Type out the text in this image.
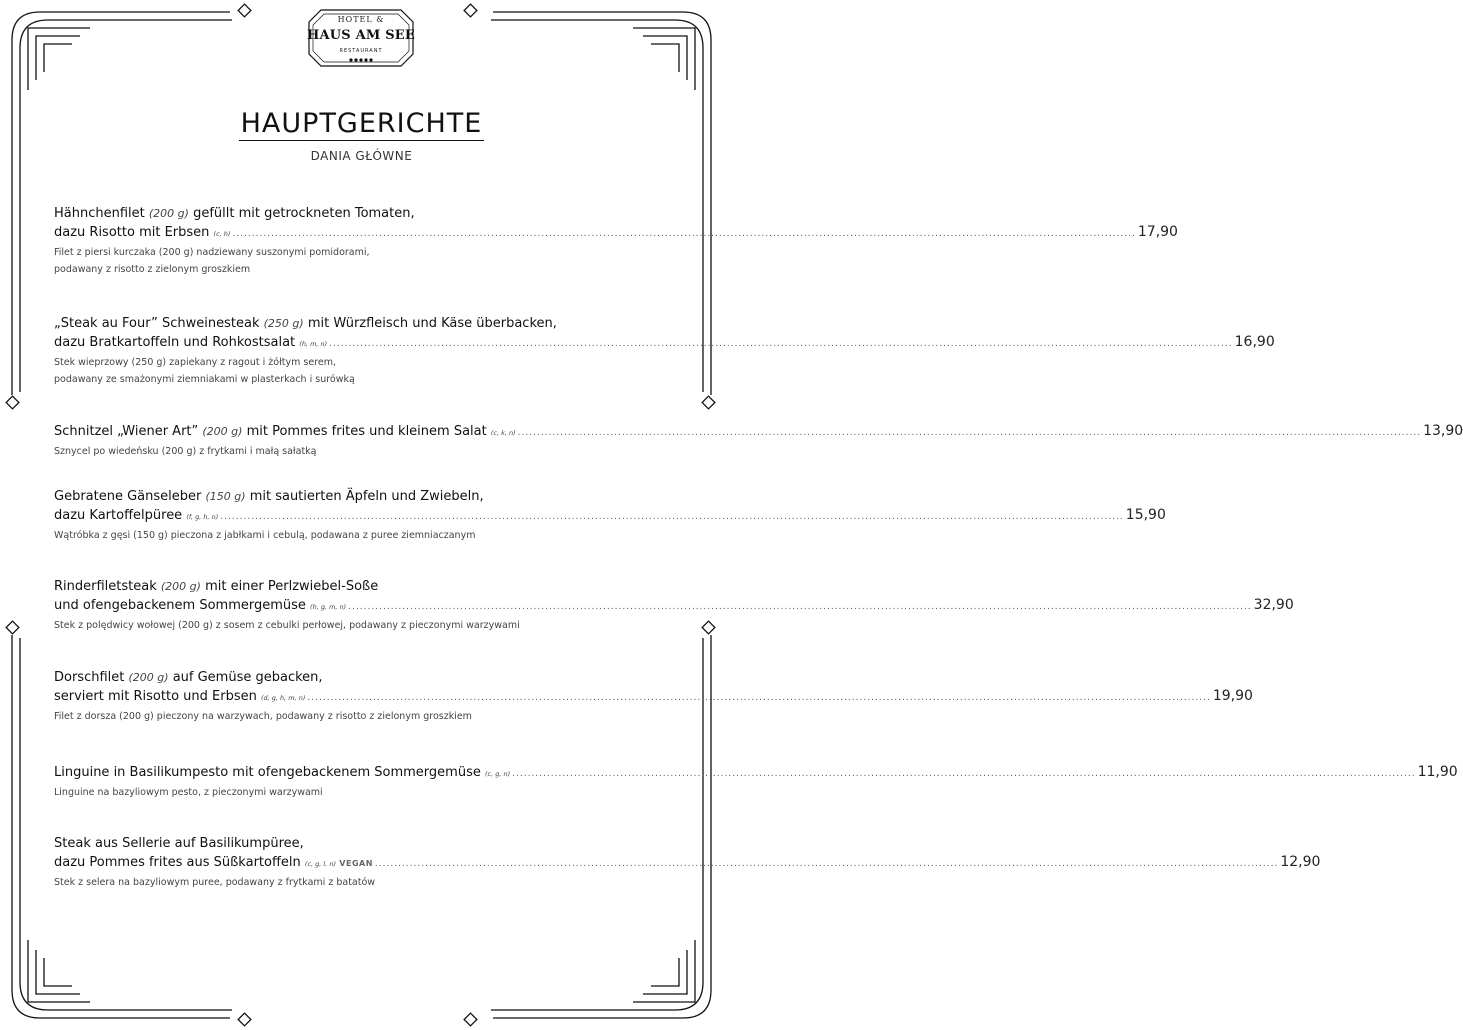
HOTEL &
HAUS AM SEE
RESTAURANT
HAUPTGERICHTE
DANIA GŁÓWNE
Hähnchenfilet (200 g) gefüllt mit getrockneten Tomaten,
dazu Risotto mit Erbsen (c, h) .......................................................................................................................................................................................................................................... 17,90
Filet z piersi kurczaka (200 g) nadziewany suszonymi pomidorami,
podawany z risotto z zielonym groszkiem
„Steak au Four” Schweinesteak (250 g) mit Würzfleisch und Käse überbacken,
dazu Bratkartoffeln und Rohkostsalat (h, m, n) .......................................................................................................................................................................................................................................... 16,90
Stek wieprzowy (250 g) zapiekany z ragout i żółtym serem,
podawany ze smażonymi ziemniakami w plasterkach i surówką
Schnitzel „Wiener Art” (200 g) mit Pommes frites und kleinem Salat (c, k, n) .......................................................................................................................................................................................................................................... 13,90
Sznycel po wiedeńsku (200 g) z frytkami i małą sałatką
Gebratene Gänseleber (150 g) mit sautierten Äpfeln und Zwiebeln,
dazu Kartoffelpüree (f, g, h, n) .......................................................................................................................................................................................................................................... 15,90
Wątróbka z gęsi (150 g) pieczona z jabłkami i cebulą, podawana z puree ziemniaczanym
Rinderfiletsteak (200 g) mit einer Perlzwiebel-Soße
und ofengebackenem Sommergemüse (h, g, m, n) .......................................................................................................................................................................................................................................... 32,90
Stek z polędwicy wołowej (200 g) z sosem z cebulki perłowej, podawany z pieczonymi warzywami
Dorschfilet (200 g) auf Gemüse gebacken,
serviert mit Risotto und Erbsen (d, g, h, m, n) .......................................................................................................................................................................................................................................... 19,90
Filet z dorsza (200 g) pieczony na warzywach, podawany z risotto z zielonym groszkiem
Linguine in Basilikumpesto mit ofengebackenem Sommergemüse (c, g, n) .......................................................................................................................................................................................................................................... 11,90
Linguine na bazyliowym pesto, z pieczonymi warzywami
Steak aus Sellerie auf Basilikumpüree,
dazu Pommes frites aus Süßkartoffeln (c, g, l, n) VEGAN .......................................................................................................................................................................................................................................... 12,90
Stek z selera na bazyliowym puree, podawany z frytkami z batatów
